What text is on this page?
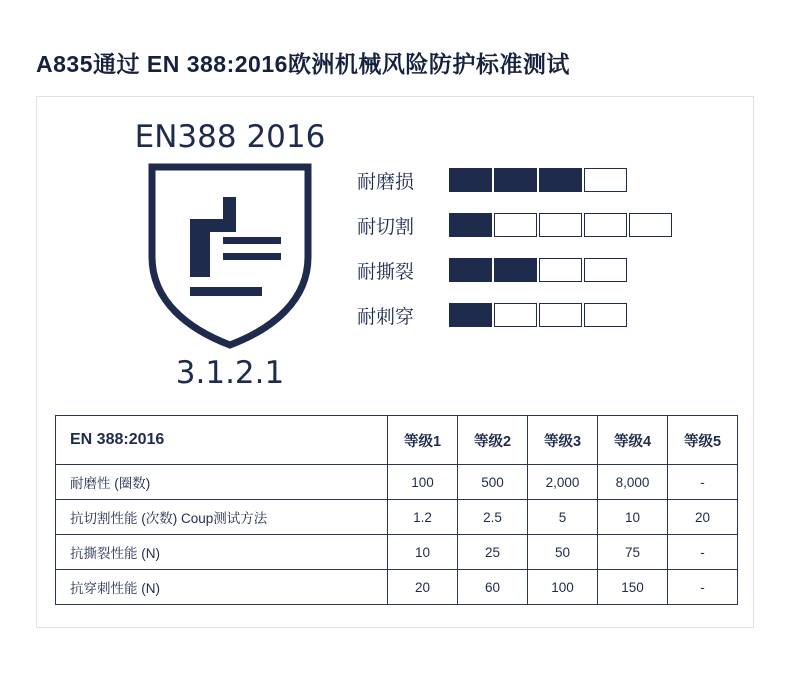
A835通过 EN 388:2016欧洲机械风险防护标准测试
EN388 2016
3.1.2.1
耐磨损
耐切割
耐撕裂
耐刺穿
EN 388:2016	等级1	等级2	等级3	等级4	等级5
耐磨性 (圈数)	100	500	2,000	8,000	-
抗切割性能 (次数) Coup测试方法	1.2	2.5	5	10	20
抗撕裂性能 (N)	10	25	50	75	-
抗穿刺性能 (N)	20	60	100	150	-
